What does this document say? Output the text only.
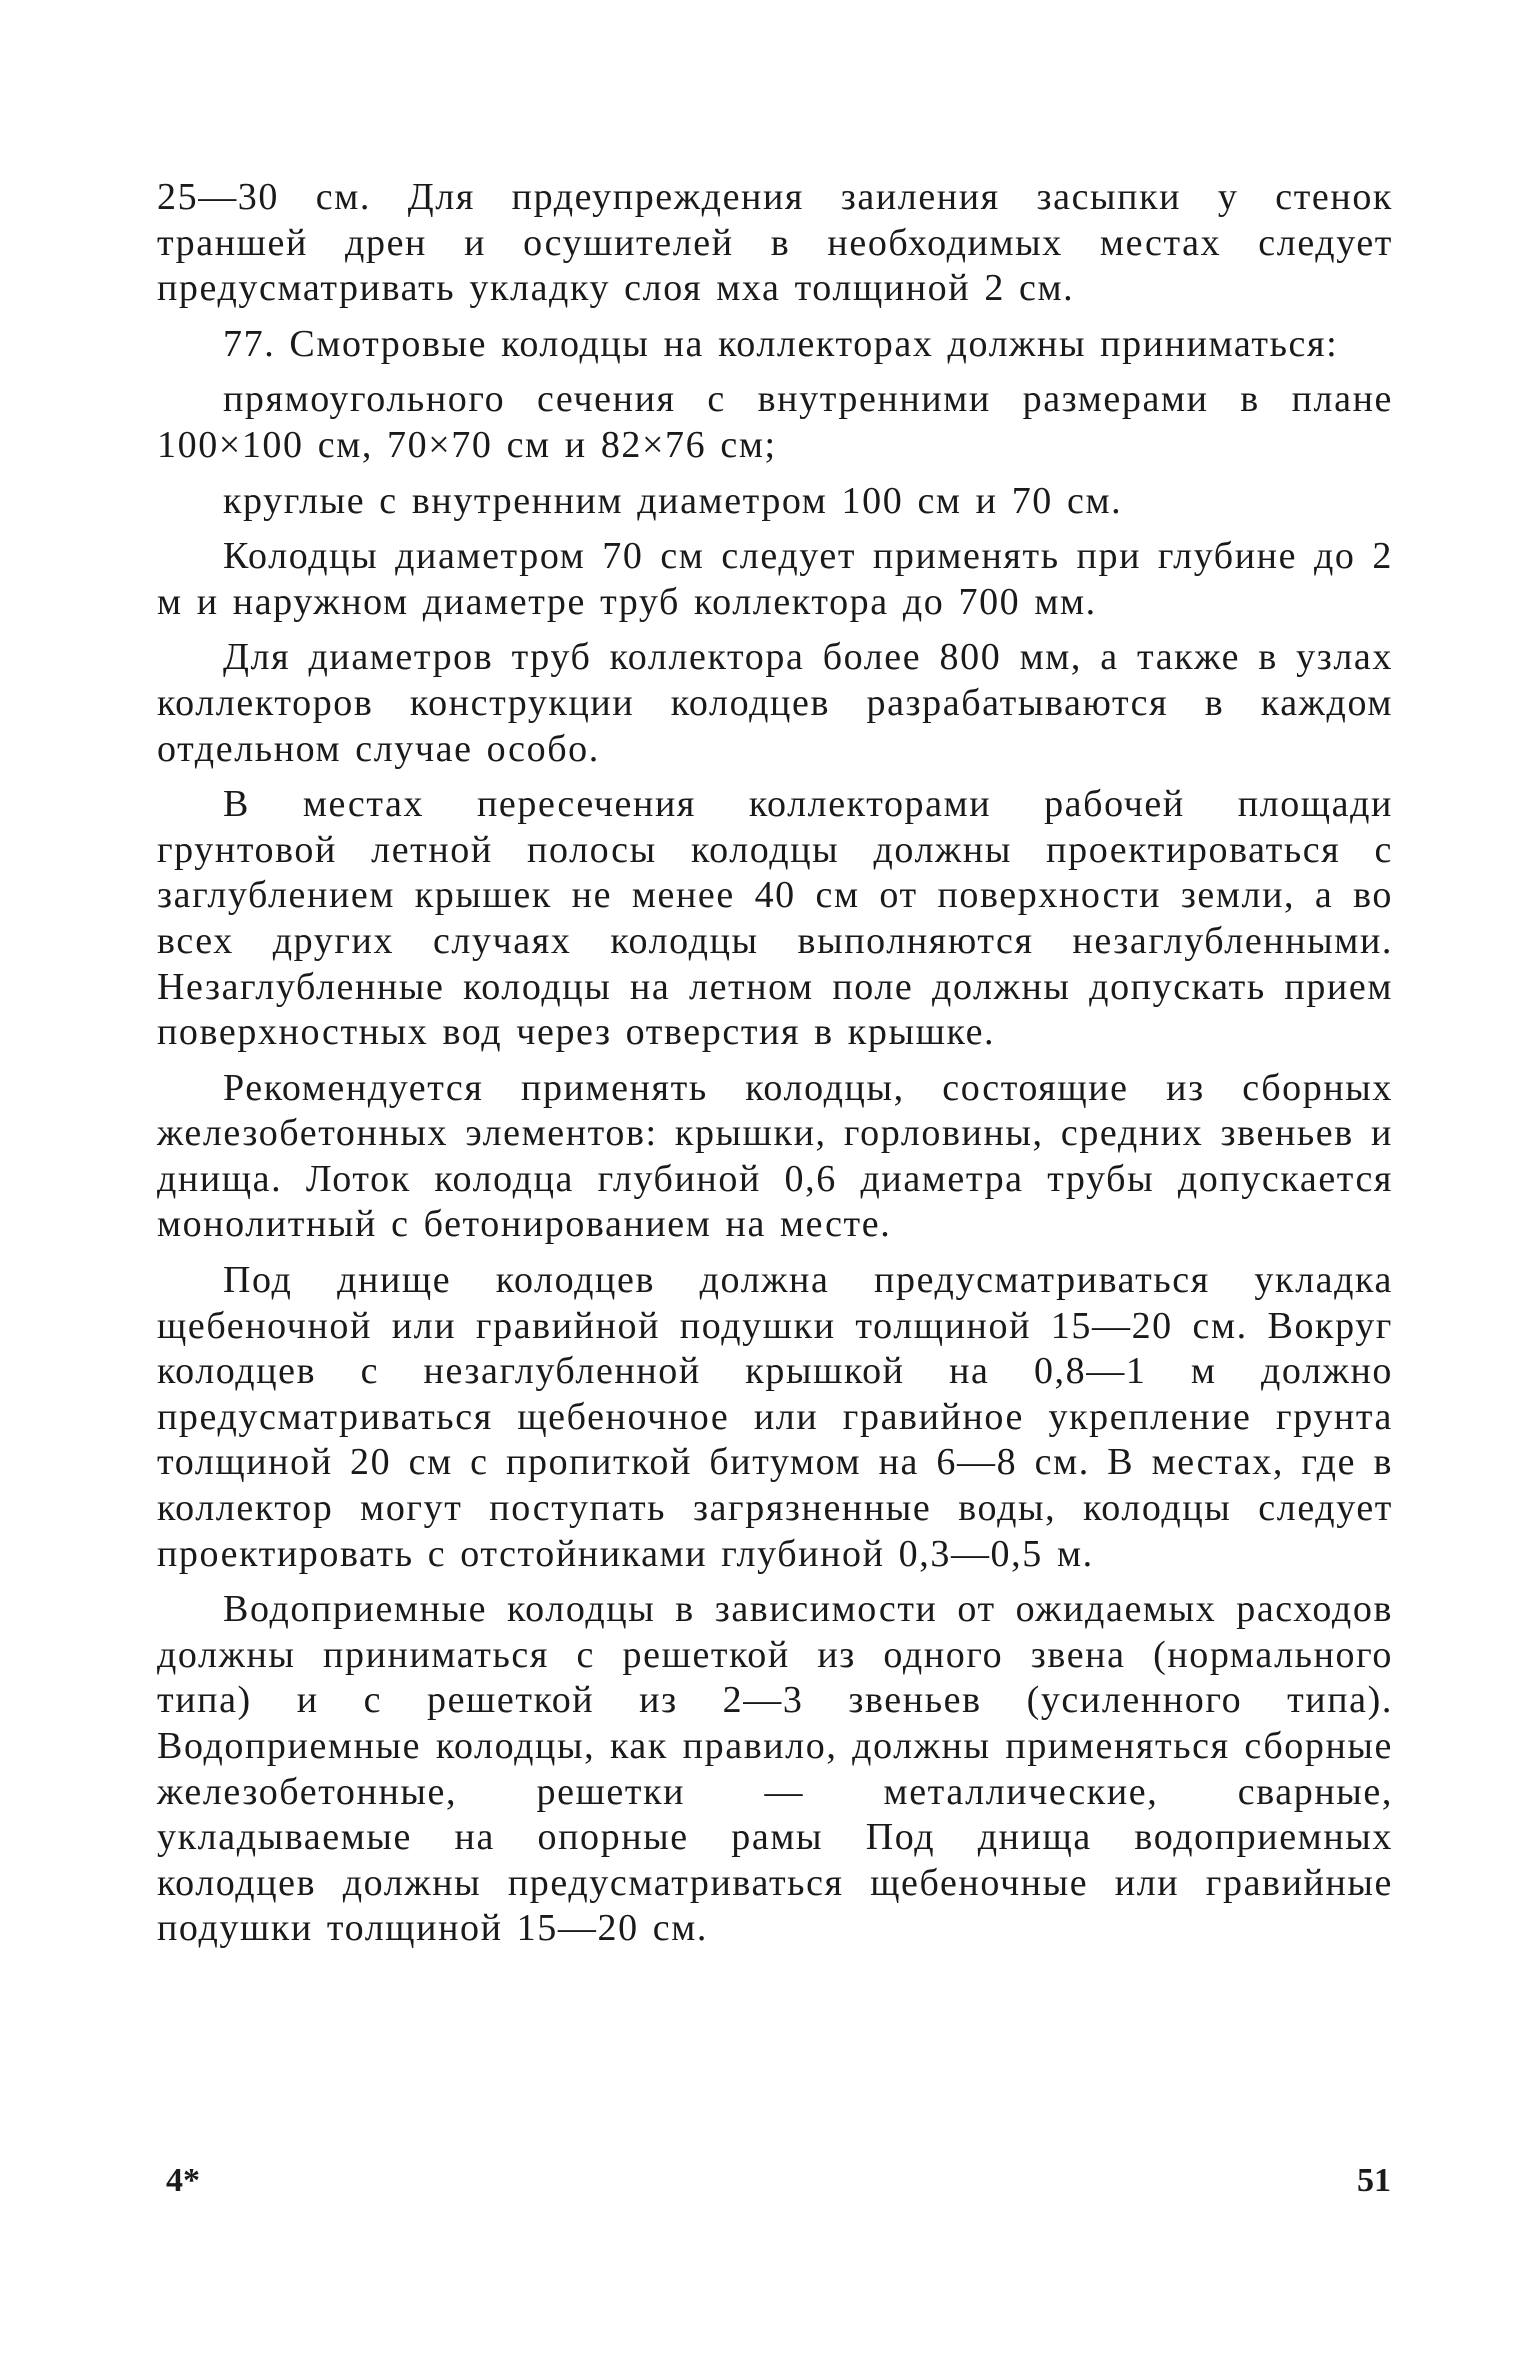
25—30 см. Для прдеупреждения заиления засыпки у стенок траншей дрен и осушителей в необходимых местах следует предусматривать укладку слоя мха толщиной 2 см.

77. Смотровые колодцы на коллекторах должны приниматься:

прямоугольного сечения с внутренними размерами в плане 100×100 см, 70×70 см и 82×76 см;

круглые с внутренним диаметром 100 см и 70 см.

Колодцы диаметром 70 см следует применять при глубине до 2 м и наружном диаметре труб коллектора до 700 мм.

Для диаметров труб коллектора более 800 мм, а также в узлах коллекторов конструкции колодцев разрабатываются в каждом отдельном случае особо.

В местах пересечения коллекторами рабочей площади грунтовой летной полосы колодцы должны проектироваться с заглублением крышек не менее 40 см от поверхности земли, а во всех других случаях колодцы выполняются незаглубленными. Незаглубленные колодцы на летном поле должны допускать прием поверхностных вод через отверстия в крышке.

Рекомендуется применять колодцы, состоящие из сборных железобетонных элементов: крышки, горловины, средних звеньев и днища. Лоток колодца глубиной 0,6 диаметра трубы допускается монолитный с бетонированием на месте.

Под днище колодцев должна предусматриваться укладка щебеночной или гравийной подушки толщиной 15—20 см. Вокруг колодцев с незаглубленной крышкой на 0,8—1 м должно предусматриваться щебеночное или гравийное укрепление грунта толщиной 20 см с пропиткой битумом на 6—8 см. В местах, где в коллектор могут поступать загрязненные воды, колодцы следует проектировать с отстойниками глубиной 0,3—0,5 м.

Водоприемные колодцы в зависимости от ожидаемых расходов должны приниматься с решеткой из одного звена (нормального типа) и с решеткой из 2—3 звеньев (усиленного типа). Водоприемные колодцы, как правило, должны применяться сборные железобетонные, решетки — металлические, сварные, укладываемые на опорные рамы Под днища водоприемных колодцев должны предусматриваться щебеночные или гравийные подушки толщиной 15—20 см.

4*	51
